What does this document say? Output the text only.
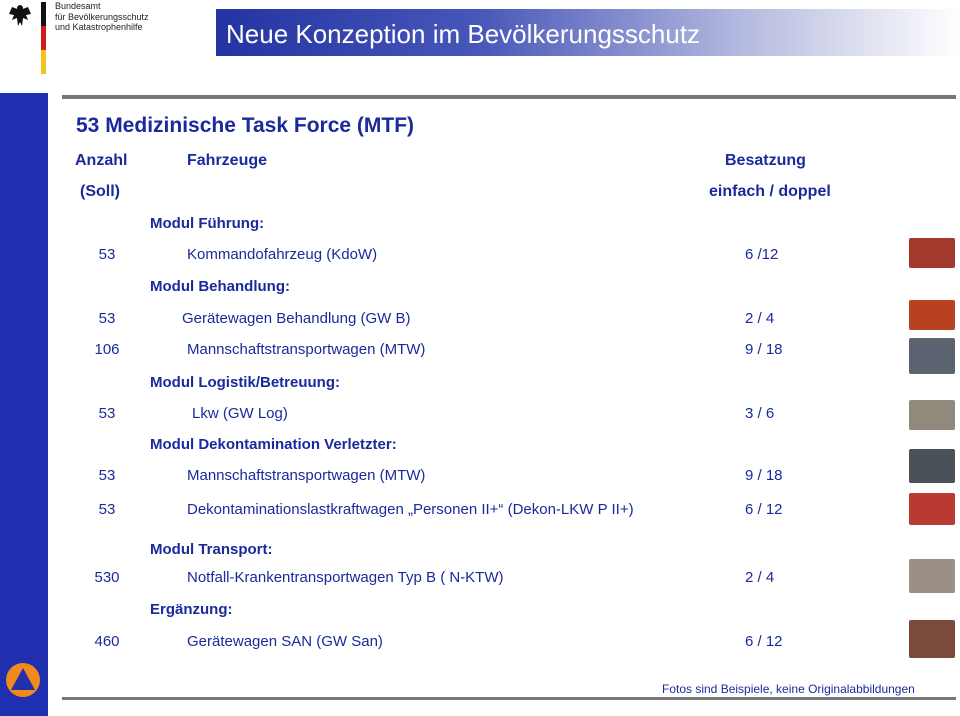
Bundesamt
für Bevölkerungsschutz
und Katastrophenhilfe	Neue Konzeption im Bevölkerungsschutz
53 Medizinische Task Force (MTF)
Anzahl
(Soll)
Fahrzeuge	Besatzung
einfach / doppel
Modul Führung:
Modul Behandlung:
Modul Logistik/Betreuung:
Modul Dekontamination Verletzter:
Modul Transport:
Ergänzung:
53	Kommandofahrzeug (KdoW)	6 /12
53	Gerätewagen Behandlung (GW B)	2 / 4
106	Mannschaftstransportwagen (MTW)	9 / 18
53	Lkw (GW Log)	3 / 6
53	Mannschaftstransportwagen (MTW)	9 / 18
53	Dekontaminationslastkraftwagen „Personen II+“ (Dekon-LKW P II+)	6 / 12
530	Notfall-Krankentransportwagen Typ B ( N-KTW)	2 / 4
460	Gerätewagen SAN (GW San)	6 / 12
Fotos sind Beispiele, keine Originalabbildungen
